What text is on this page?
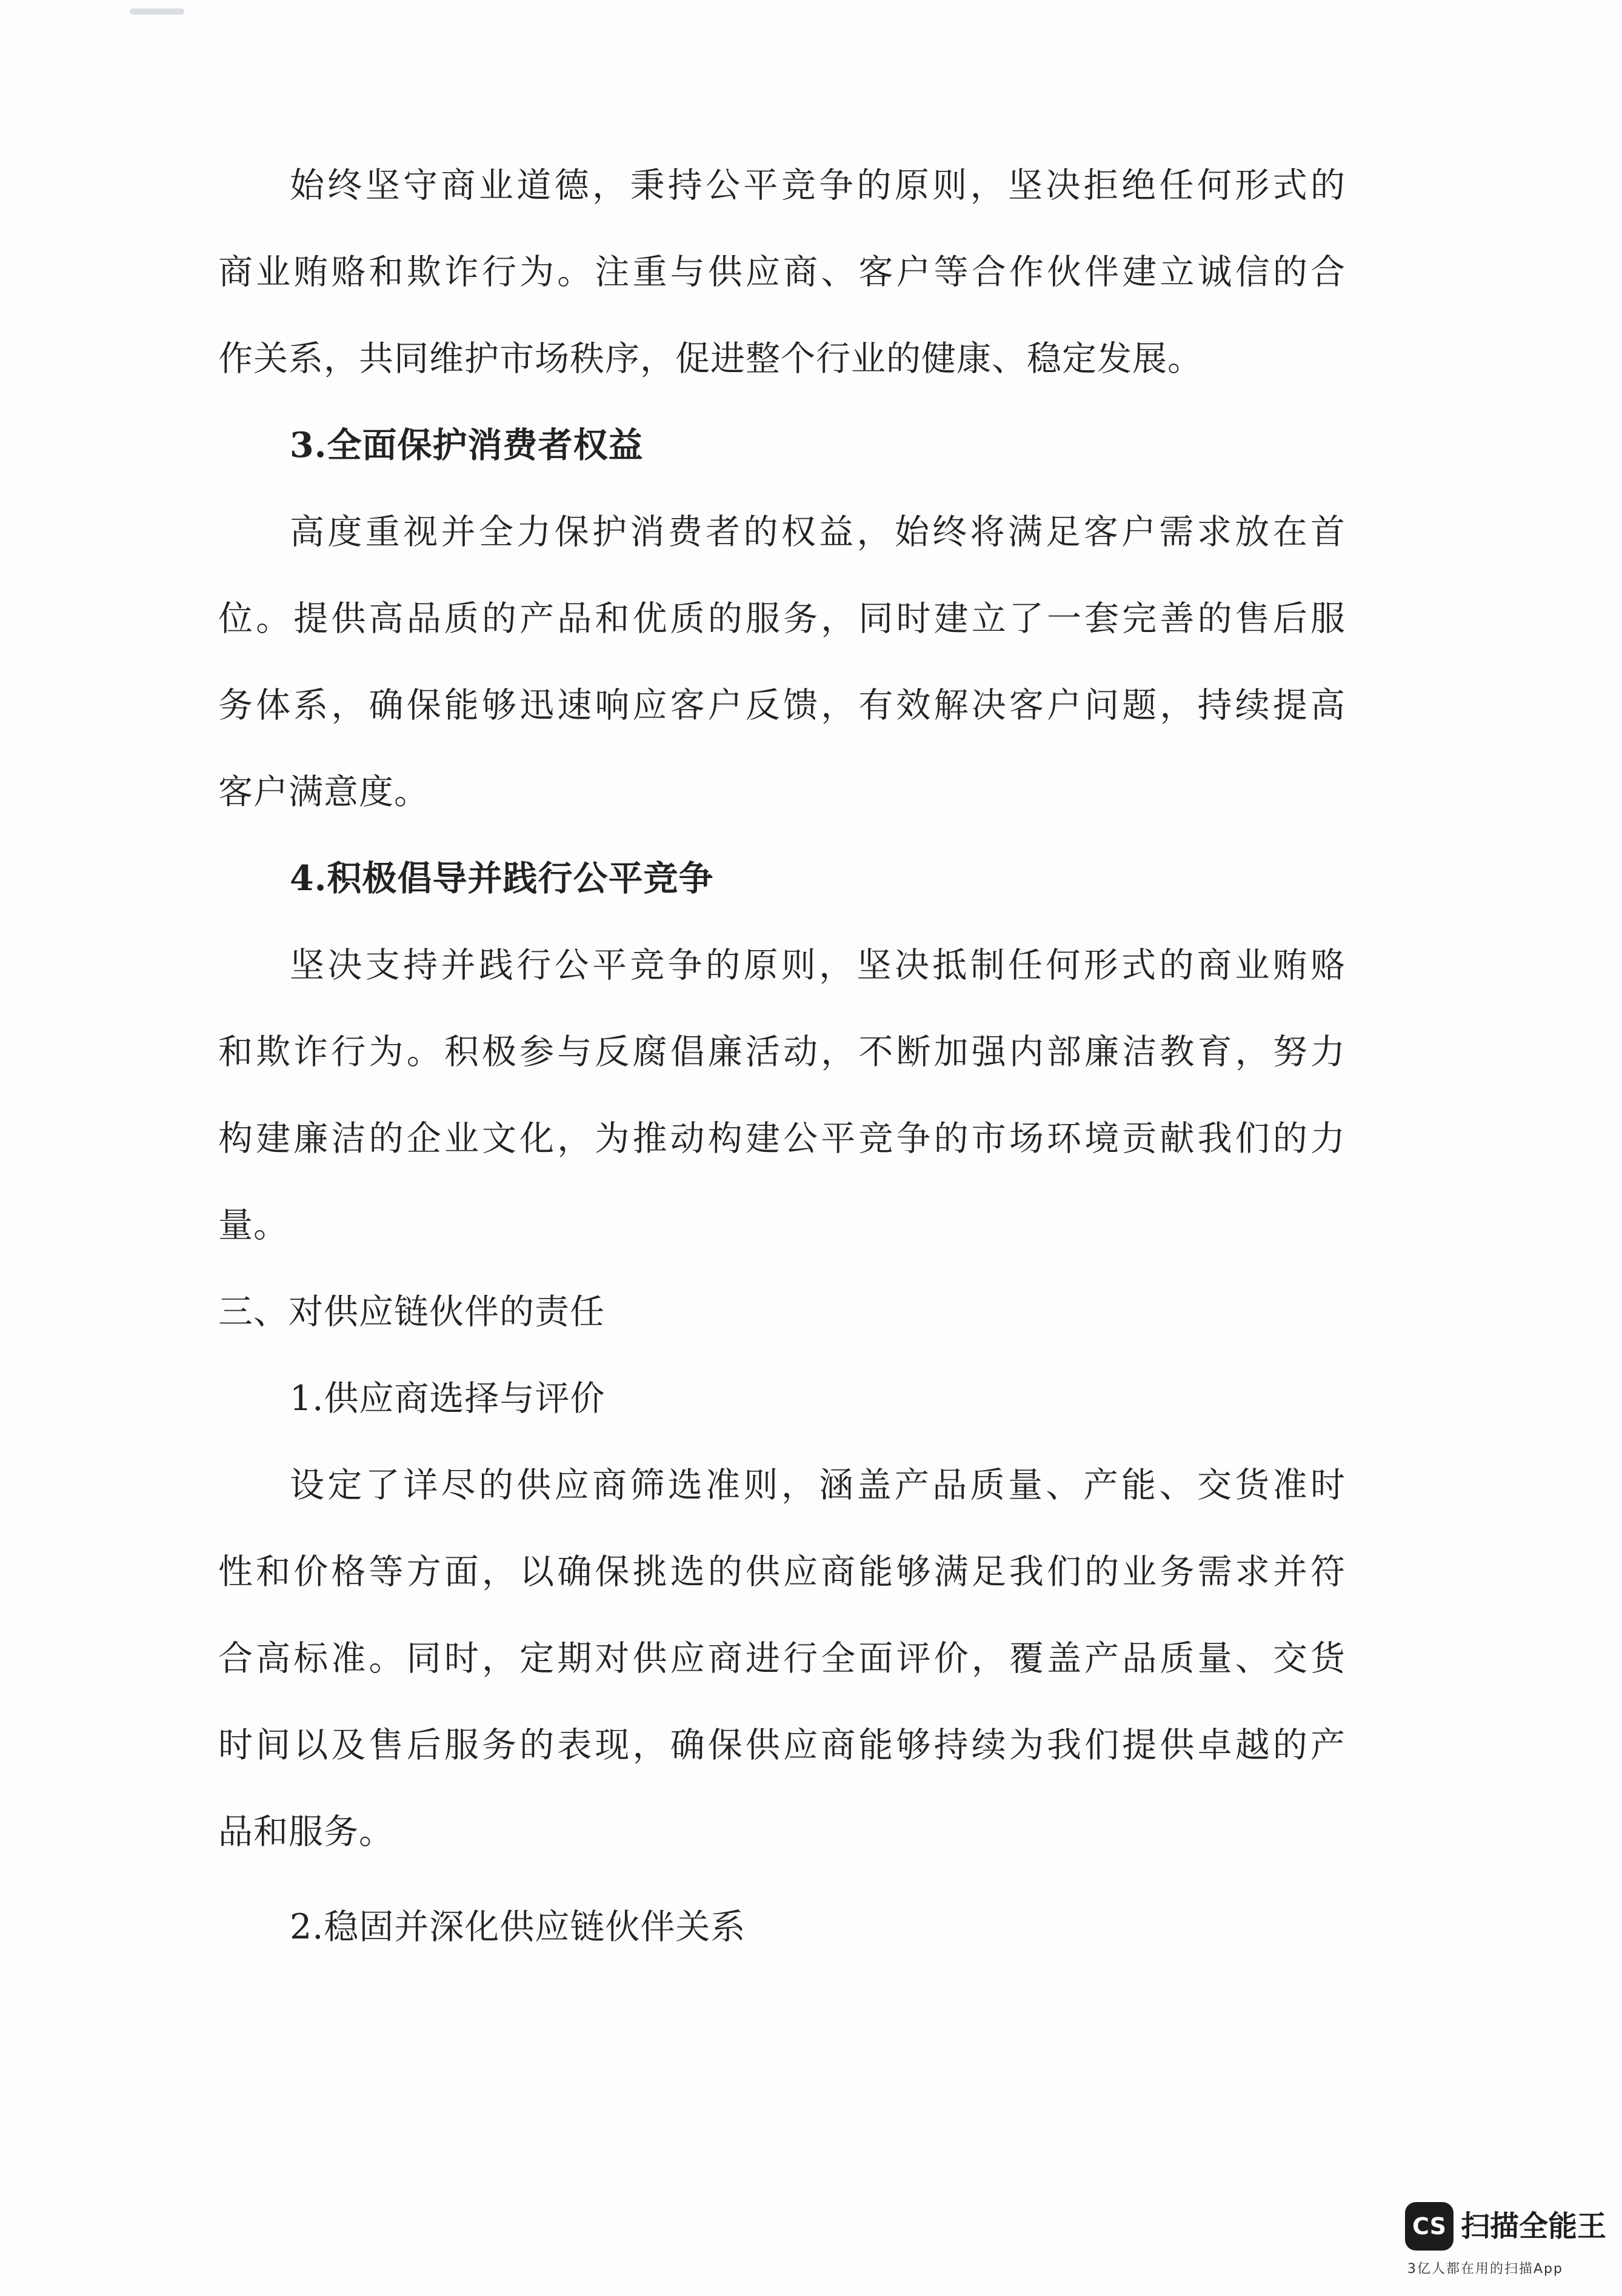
始终坚守商业道德，秉持公平竞争的原则，坚决拒绝任何形式的
商业贿赂和欺诈行为。注重与供应商、客户等合作伙伴建立诚信的合
作关系，共同维护市场秩序，促进整个行业的健康、稳定发展。
3.全面保护消费者权益
高度重视并全力保护消费者的权益，始终将满足客户需求放在首
位。提供高品质的产品和优质的服务，同时建立了一套完善的售后服
务体系，确保能够迅速响应客户反馈，有效解决客户问题，持续提高
客户满意度。
4.积极倡导并践行公平竞争
坚决支持并践行公平竞争的原则，坚决抵制任何形式的商业贿赂
和欺诈行为。积极参与反腐倡廉活动，不断加强内部廉洁教育，努力
构建廉洁的企业文化，为推动构建公平竞争的市场环境贡献我们的力
量。
三、对供应链伙伴的责任
1.供应商选择与评价
设定了详尽的供应商筛选准则，涵盖产品质量、产能、交货准时
性和价格等方面，以确保挑选的供应商能够满足我们的业务需求并符
合高标准。同时，定期对供应商进行全面评价，覆盖产品质量、交货
时间以及售后服务的表现，确保供应商能够持续为我们提供卓越的产
品和服务。
2.稳固并深化供应链伙伴关系
CS 扫描全能王
3亿人都在用的扫描App
